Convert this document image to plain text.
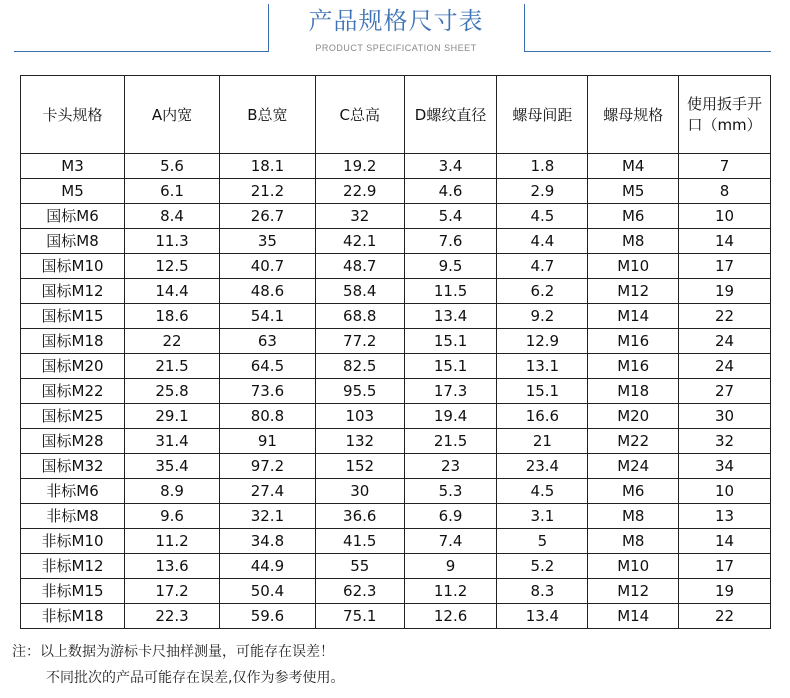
产品规格尺寸表
PRODUCT SPECIFICATION SHEET
卡头规格	A内宽	B总宽	C总高	D螺纹直径	螺母间距	螺母规格	使用扳手开口（mm）
M3	5.6	18.1	19.2	3.4	1.8	M4	7
M5	6.1	21.2	22.9	4.6	2.9	M5	8
国标M6	8.4	26.7	32	5.4	4.5	M6	10
国标M8	11.3	35	42.1	7.6	4.4	M8	14
国标M10	12.5	40.7	48.7	9.5	4.7	M10	17
国标M12	14.4	48.6	58.4	11.5	6.2	M12	19
国标M15	18.6	54.1	68.8	13.4	9.2	M14	22
国标M18	22	63	77.2	15.1	12.9	M16	24
国标M20	21.5	64.5	82.5	15.1	13.1	M16	24
国标M22	25.8	73.6	95.5	17.3	15.1	M18	27
国标M25	29.1	80.8	103	19.4	16.6	M20	30
国标M28	31.4	91	132	21.5	21	M22	32
国标M32	35.4	97.2	152	23	23.4	M24	34
非标M6	8.9	27.4	30	5.3	4.5	M6	10
非标M8	9.6	32.1	36.6	6.9	3.1	M8	13
非标M10	11.2	34.8	41.5	7.4	5	M8	14
非标M12	13.6	44.9	55	9	5.2	M10	17
非标M15	17.2	50.4	62.3	11.2	8.3	M12	19
非标M18	22.3	59.6	75.1	12.6	13.4	M14	22
注：以上数据为游标卡尺抽样测量，可能存在误差！
不同批次的产品可能存在误差,仅作为参考使用。
